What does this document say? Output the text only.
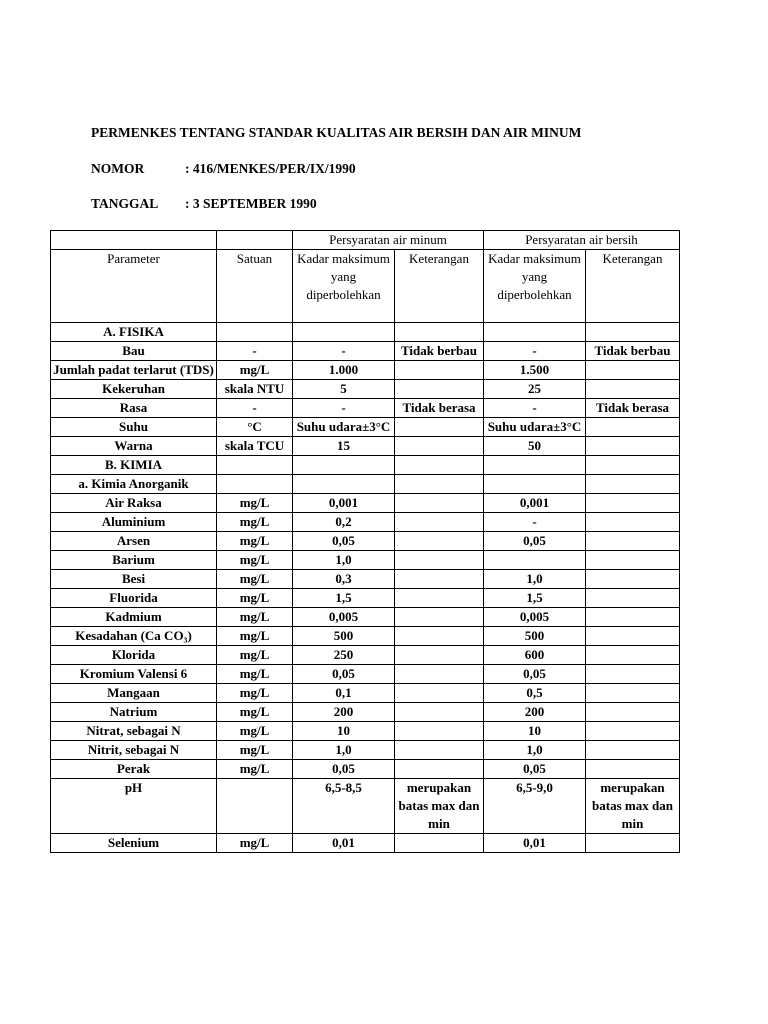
PERMENKES TENTANG STANDAR KUALITAS AIR BERSIH DAN AIR MINUM
NOMOR	: 416/MENKES/PER/IX/1990
TANGGAL : 3 SEPTEMBER 1990
		Persyaratan air minum		Persyaratan air bersih	
Parameter	Satuan	Kadar maksimum yang diperbolehkan	Keterangan	Kadar maksimum yang diperbolehkan	Keterangan
A. FISIKA					
Bau	-	-	Tidak berbau	-	Tidak berbau
Jumlah padat terlarut (TDS)	mg/L	1.000		1.500	
Kekeruhan	skala NTU	5		25	
Rasa	-	-	Tidak berasa	-	Tidak berasa
Suhu	°C	Suhu udara±3°C		Suhu udara±3°C	
Warna	skala TCU	15		50	
B. KIMIA					
a. Kimia Anorganik					
Air Raksa	mg/L	0,001		0,001	
Aluminium	mg/L	0,2		-	
Arsen	mg/L	0,05		0,05	
Barium	mg/L	1,0			
Besi	mg/L	0,3		1,0	
Fluorida	mg/L	1,5		1,5	
Kadmium	mg/L	0,005		0,005	
Kesadahan (Ca CO₃)	mg/L	500		500	
Klorida	mg/L	250		600	
Kromium Valensi 6	mg/L	0,05		0,05	
Mangaan	mg/L	0,1		0,5	
Natrium	mg/L	200		200	
Nitrat, sebagai N	mg/L	10		10	
Nitrit, sebagai N	mg/L	1,0		1,0	
Perak	mg/L	0,05		0,05	
pH		6,5-8,5	merupakan batas max dan min	6,5-9,0	merupakan batas max dan min
Selenium	mg/L	0,01		0,01	
